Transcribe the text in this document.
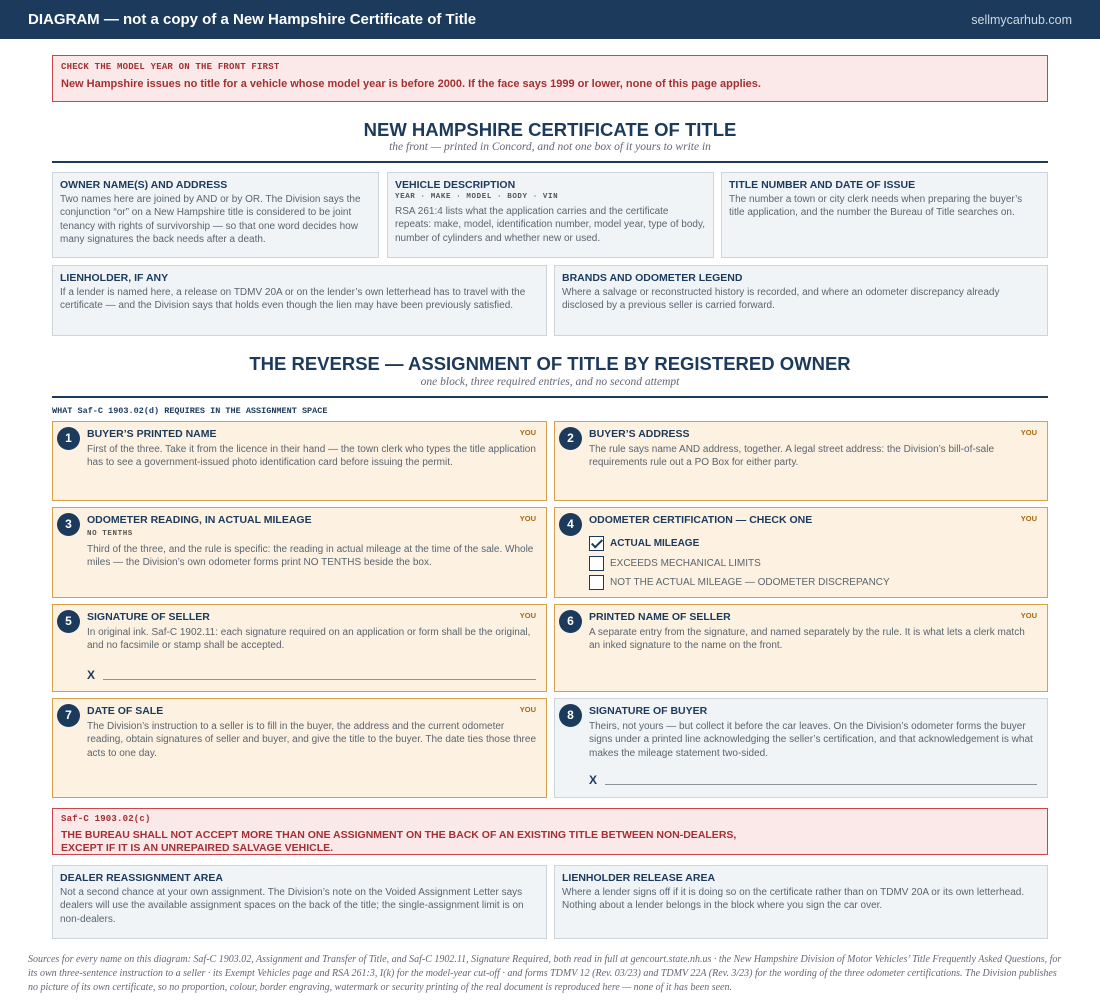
DIAGRAM — not a copy of a New Hampshire Certificate of Title	sellmycarhub.com
CHECK THE MODEL YEAR ON THE FRONT FIRST
New Hampshire issues no title for a vehicle whose model year is before 2000. If the face says 1999 or lower, none of this page applies.
NEW HAMPSHIRE CERTIFICATE OF TITLE
the front — printed in Concord, and not one box of it yours to write in
OWNER NAME(S) AND ADDRESS
Two names here are joined by AND or by OR. The Division says the conjunction “or” on a New Hampshire title is considered to be joint tenancy with rights of survivorship — so that one word decides how many signatures the back needs after a death.
VEHICLE DESCRIPTION
YEAR · MAKE · MODEL · BODY · VIN
RSA 261:4 lists what the application carries and the certificate repeats: make, model, identification number, model year, type of body, number of cylinders and whether new or used.
TITLE NUMBER AND DATE OF ISSUE
The number a town or city clerk needs when preparing the buyer’s title application, and the number the Bureau of Title searches on.
LIENHOLDER, IF ANY
If a lender is named here, a release on TDMV 20A or on the lender’s own letterhead has to travel with the certificate — and the Division says that holds even though the lien may have been previously satisfied.
BRANDS AND ODOMETER LEGEND
Where a salvage or reconstructed history is recorded, and where an odometer discrepancy already disclosed by a previous seller is carried forward.
THE REVERSE — ASSIGNMENT OF TITLE BY REGISTERED OWNER
one block, three required entries, and no second attempt
WHAT Saf-C 1903.02(d) REQUIRES IN THE ASSIGNMENT SPACE
1	BUYER’S PRINTED NAME	YOU
First of the three. Take it from the licence in their hand — the town clerk who types the title application has to see a government-issued photo identification card before issuing the permit.
2	BUYER’S ADDRESS	YOU
The rule says name AND address, together. A legal street address: the Division’s bill-of-sale requirements rule out a PO Box for either party.
3	ODOMETER READING, IN ACTUAL MILEAGE	YOU
NO TENTHS
Third of the three, and the rule is specific: the reading in actual mileage at the time of the sale. Whole miles — the Division’s own odometer forms print NO TENTHS beside the box.
4	ODOMETER CERTIFICATION — CHECK ONE	YOU
ACTUAL MILEAGE
EXCEEDS MECHANICAL LIMITS
NOT THE ACTUAL MILEAGE — ODOMETER DISCREPANCY
5	SIGNATURE OF SELLER	YOU
In original ink. Saf-C 1902.11: each signature required on an application or form shall be the original, and no facsimile or stamp shall be accepted.
X
6	PRINTED NAME OF SELLER	YOU
A separate entry from the signature, and named separately by the rule. It is what lets a clerk match an inked signature to the name on the front.
7	DATE OF SALE	YOU
The Division’s instruction to a seller is to fill in the buyer, the address and the current odometer reading, obtain signatures of seller and buyer, and give the title to the buyer. The date ties those three acts to one day.
8	SIGNATURE OF BUYER
Theirs, not yours — but collect it before the car leaves. On the Division’s odometer forms the buyer signs under a printed line acknowledging the seller’s certification, and that acknowledgement is what makes the mileage statement two-sided.
X
Saf-C 1903.02(c)
THE BUREAU SHALL NOT ACCEPT MORE THAN ONE ASSIGNMENT ON THE BACK OF AN EXISTING TITLE BETWEEN NON-DEALERS,
EXCEPT IF IT IS AN UNREPAIRED SALVAGE VEHICLE.
DEALER REASSIGNMENT AREA
Not a second chance at your own assignment. The Division’s note on the Voided Assignment Letter says dealers will use the available assignment spaces on the back of the title; the single-assignment limit is on non-dealers.
LIENHOLDER RELEASE AREA
Where a lender signs off if it is doing so on the certificate rather than on TDMV 20A or its own letterhead. Nothing about a lender belongs in the block where you sign the car over.
Sources for every name on this diagram: Saf-C 1903.02, Assignment and Transfer of Title, and Saf-C 1902.11, Signature Required, both read in full at gencourt.state.nh.us · the New Hampshire Division of Motor Vehicles’ Title Frequently Asked Questions, for its own three-sentence instruction to a seller · its Exempt Vehicles page and RSA 261:3, I(k) for the model-year cut-off · and forms TDMV 12 (Rev. 03/23) and TDMV 22A (Rev. 3/23) for the wording of the three odometer certifications. The Division publishes no picture of its own certificate, so no proportion, colour, border engraving, watermark or security printing of the real document is reproduced here — none of it has been seen.
